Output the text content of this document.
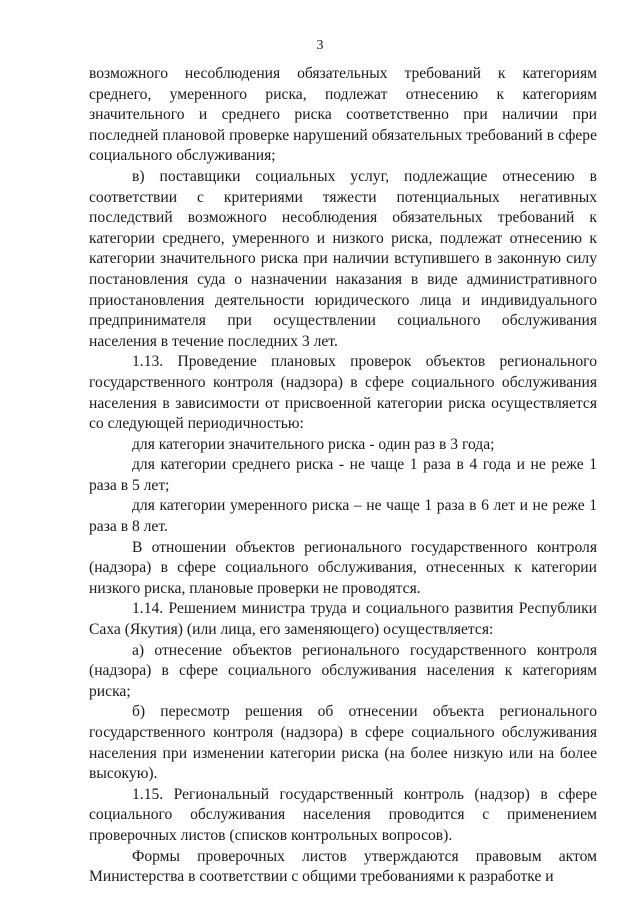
3

возможного несоблюдения обязательных требований к категориям среднего, умеренного риска, подлежат отнесению к категориям значительного и среднего риска соответственно при наличии при последней плановой проверке нарушений обязательных требований в сфере социального обслуживания;

в) поставщики социальных услуг, подлежащие отнесению в соответствии с критериями тяжести потенциальных негативных последствий возможного несоблюдения обязательных требований к категории среднего, умеренного и низкого риска, подлежат отнесению к категории значительного риска при наличии вступившего в законную силу постановления суда о назначении наказания в виде административного приостановления деятельности юридического лица и индивидуального предпринимателя при осуществлении социального обслуживания населения в течение последних 3 лет.

1.13. Проведение плановых проверок объектов регионального государственного контроля (надзора) в сфере социального обслуживания населения в зависимости от присвоенной категории риска осуществляется со следующей периодичностью:

для категории значительного риска - один раз в 3 года;

для категории среднего риска - не чаще 1 раза в 4 года и не реже 1 раза в 5 лет;

для категории умеренного риска – не чаще 1 раза в 6 лет и не реже 1 раза в 8 лет.

В отношении объектов регионального государственного контроля (надзора) в сфере социального обслуживания, отнесенных к категории низкого риска, плановые проверки не проводятся.

1.14. Решением министра труда и социального развития Республики Саха (Якутия) (или лица, его заменяющего) осуществляется:

а) отнесение объектов регионального государственного контроля (надзора) в сфере социального обслуживания населения к категориям риска;

б) пересмотр решения об отнесении объекта регионального государственного контроля (надзора) в сфере социального обслуживания населения при изменении категории риска (на более низкую или на более высокую).

1.15. Региональный государственный контроль (надзор) в сфере социального обслуживания населения проводится с применением проверочных листов (списков контрольных вопросов).

Формы проверочных листов утверждаются правовым актом Министерства в соответствии с общими требованиями к разработке и
